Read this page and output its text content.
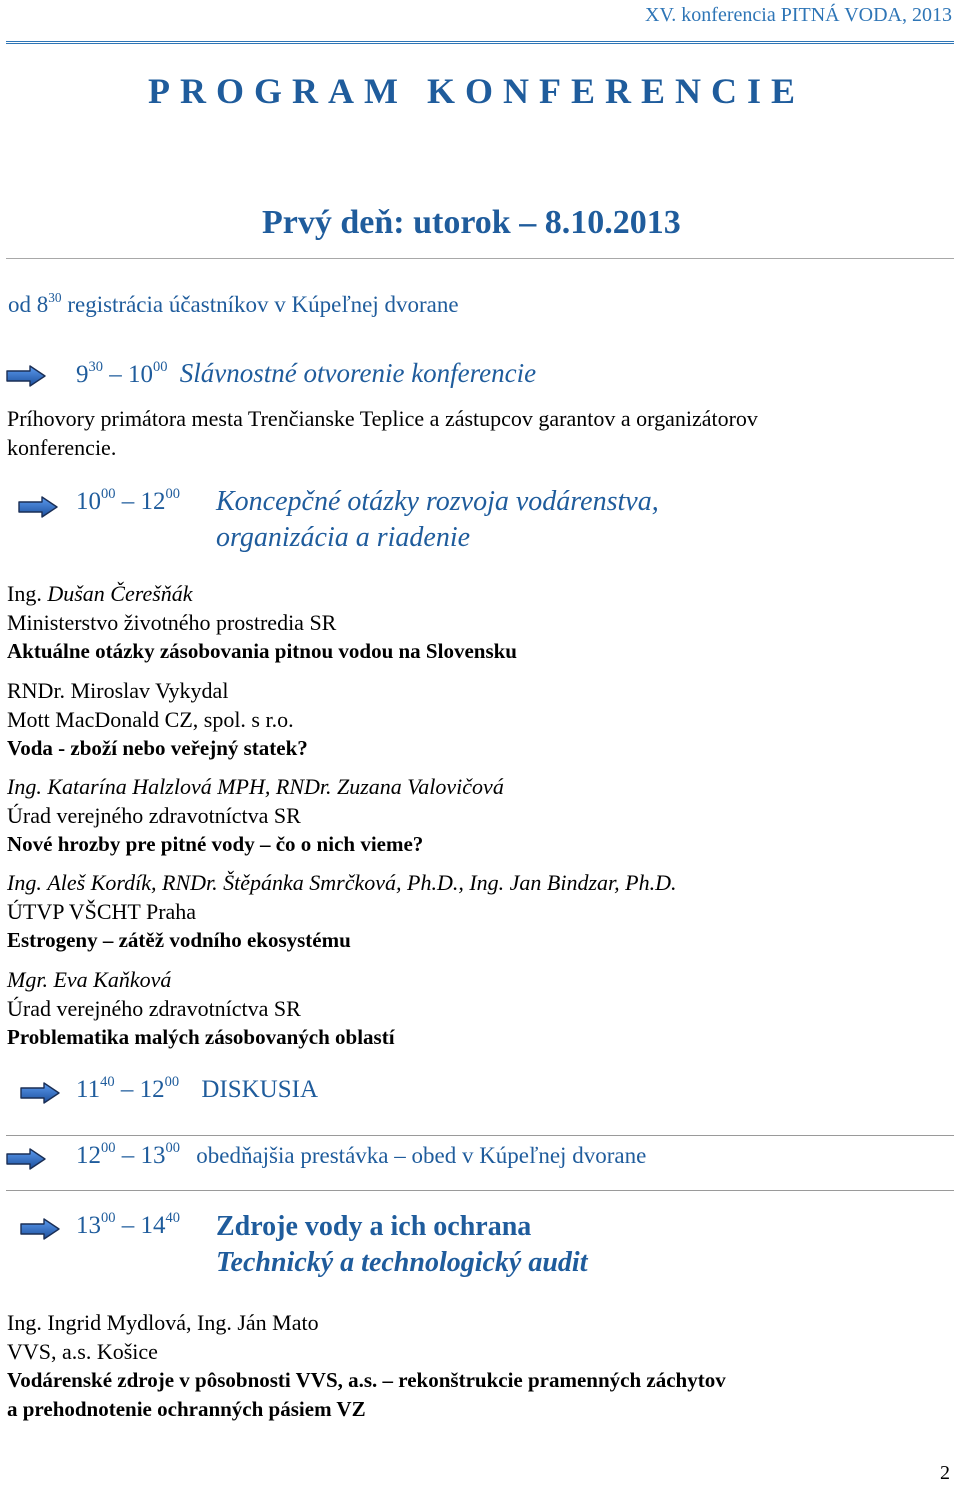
XV. konferencia PITNÁ VODA, 2013
PROGRAM KONFERENCIE
Prvý deň: utorok – 8.10.2013
od $8^{30}$ registrácia účastníkov v Kúpeľnej dvorane
$9^{30} - 10^{00}$ Slávnostné otvorenie konferencie
Príhovory primátora mesta Trenčianske Teplice a zástupcov garantov a organizátorov
konferencie.
$10^{00} - 12^{00}$ Koncepčné otázky rozvoja vodárenstva,
organizácia a riadenie
Ing. Dušan Čerešňák
Ministerstvo životného prostredia SR
Aktuálne otázky zásobovania pitnou vodou na Slovensku
RNDr. Miroslav Vykydal
Mott MacDonald CZ, spol. s r.o.
Voda - zboží nebo veřejný statek?
Ing. Katarína Halzlová MPH, RNDr. Zuzana Valovičová
Úrad verejného zdravotníctva SR
Nové hrozby pre pitné vody – čo o nich vieme?
Ing. Aleš Kordík, RNDr. Štěpánka Smrčková, Ph.D., Ing. Jan Bindzar, Ph.D.
ÚTVP VŠCHT Praha
Estrogeny – zátěž vodního ekosystému
Mgr. Eva Kaňková
Úrad verejného zdravotníctva SR
Problematika malých zásobovaných oblastí
$11^{40} - 12^{00}$ DISKUSIA
$12^{00} - 13^{00}$ obedňajšia prestávka – obed v Kúpeľnej dvorane
$13^{00} - 14^{40}$ Zdroje vody a ich ochrana
Technický a technologický audit
Ing. Ingrid Mydlová, Ing. Ján Mato
VVS, a.s. Košice
Vodárenské zdroje v pôsobnosti VVS, a.s. – rekonštrukcie pramenných záchytov
a prehodnotenie ochranných pásiem VZ
2
